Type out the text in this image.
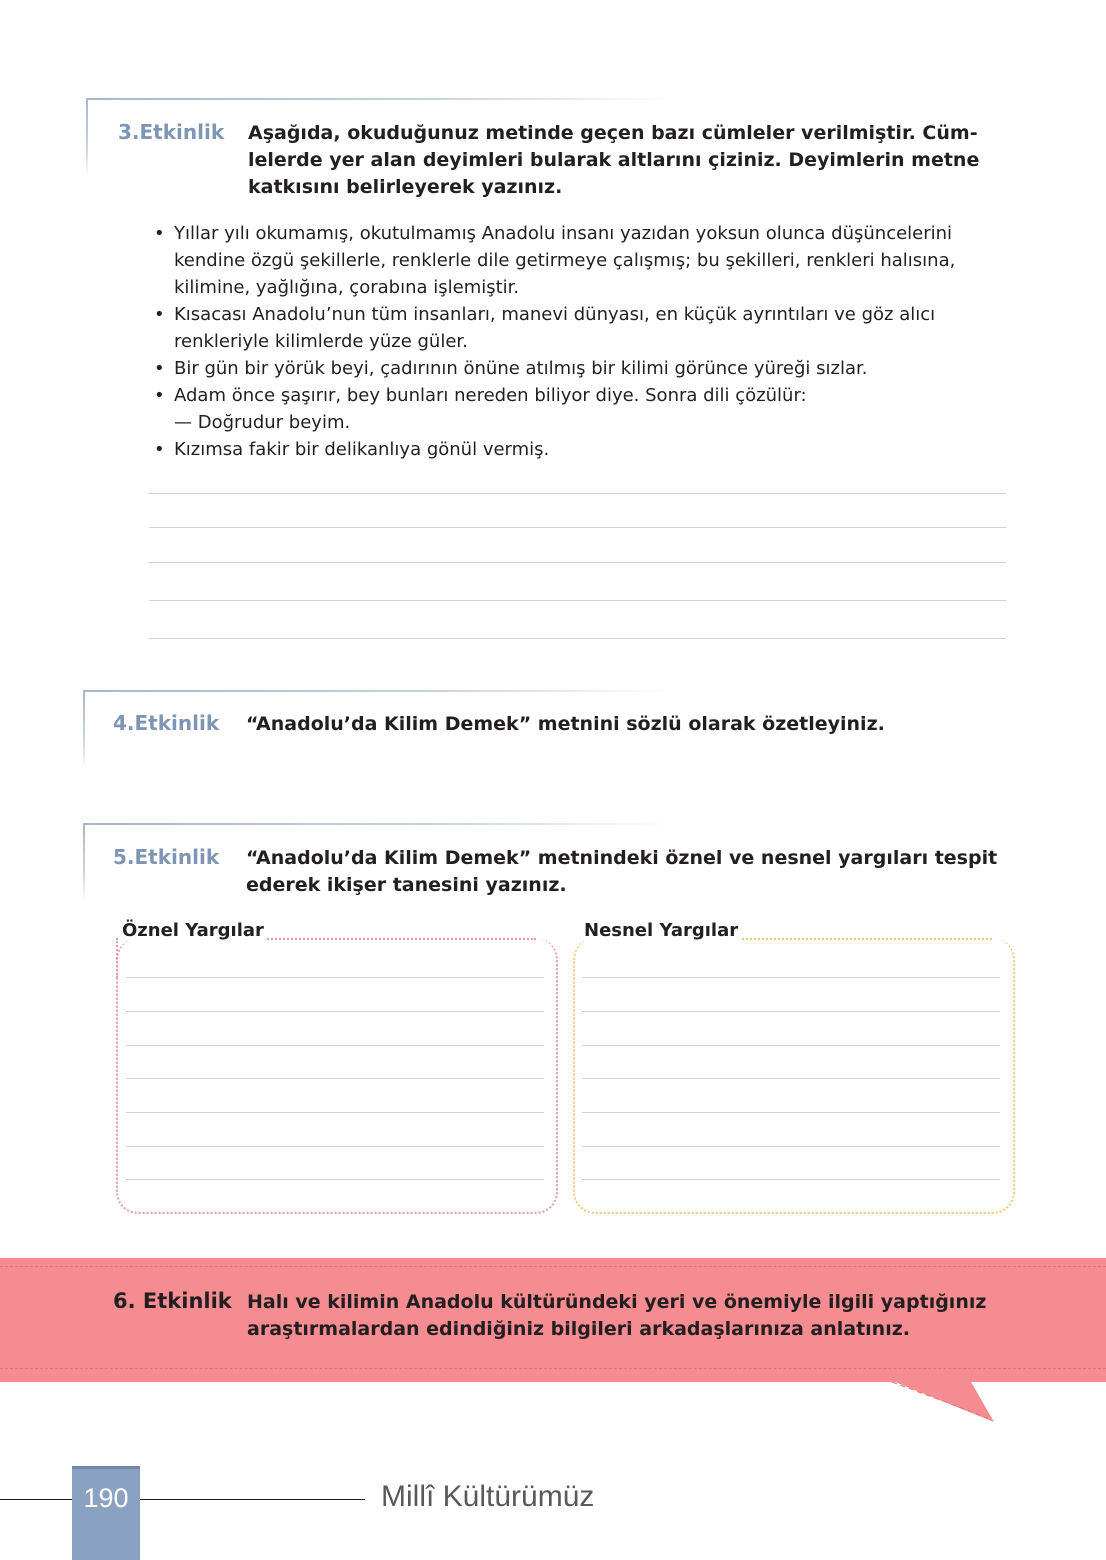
3.Etkinlik Aşağıda, okuduğunuz metinde geçen bazı cümleler verilmiştir. Cüm-
lelerde yer alan deyimleri bularak altlarını çiziniz. Deyimlerin metne
katkısını belirleyerek yazınız.
• Yıllar yılı okumamış, okutulmamış Anadolu insanı yazıdan yoksun olunca düşüncelerini
kendine özgü şekillerle, renklerle dile getirmeye çalışmış; bu şekilleri, renkleri halısına,
kilimine, yağlığına, çorabına işlemiştir.
• Kısacası Anadolu’nun tüm insanları, manevi dünyası, en küçük ayrıntıları ve göz alıcı
renkleriyle kilimlerde yüze güler.
• Bir gün bir yörük beyi, çadırının önüne atılmış bir kilimi görünce yüreği sızlar.
• Adam önce şaşırır, bey bunları nereden biliyor diye. Sonra dili çözülür:
— Doğrudur beyim.
• Kızımsa fakir bir delikanlıya gönül vermiş.
4.Etkinlik “Anadolu’da Kilim Demek” metnini sözlü olarak özetleyiniz.
5.Etkinlik “Anadolu’da Kilim Demek” metnindeki öznel ve nesnel yargıları tespit
ederek ikişer tanesini yazınız.
Öznel Yargılar	Nesnel Yargılar
6. Etkinlik Halı ve kilimin Anadolu kültüründeki yeri ve önemiyle ilgili yaptığınız
araştırmalardan edindiğiniz bilgileri arkadaşlarınıza anlatınız.
190	Millî Kültürümüz
